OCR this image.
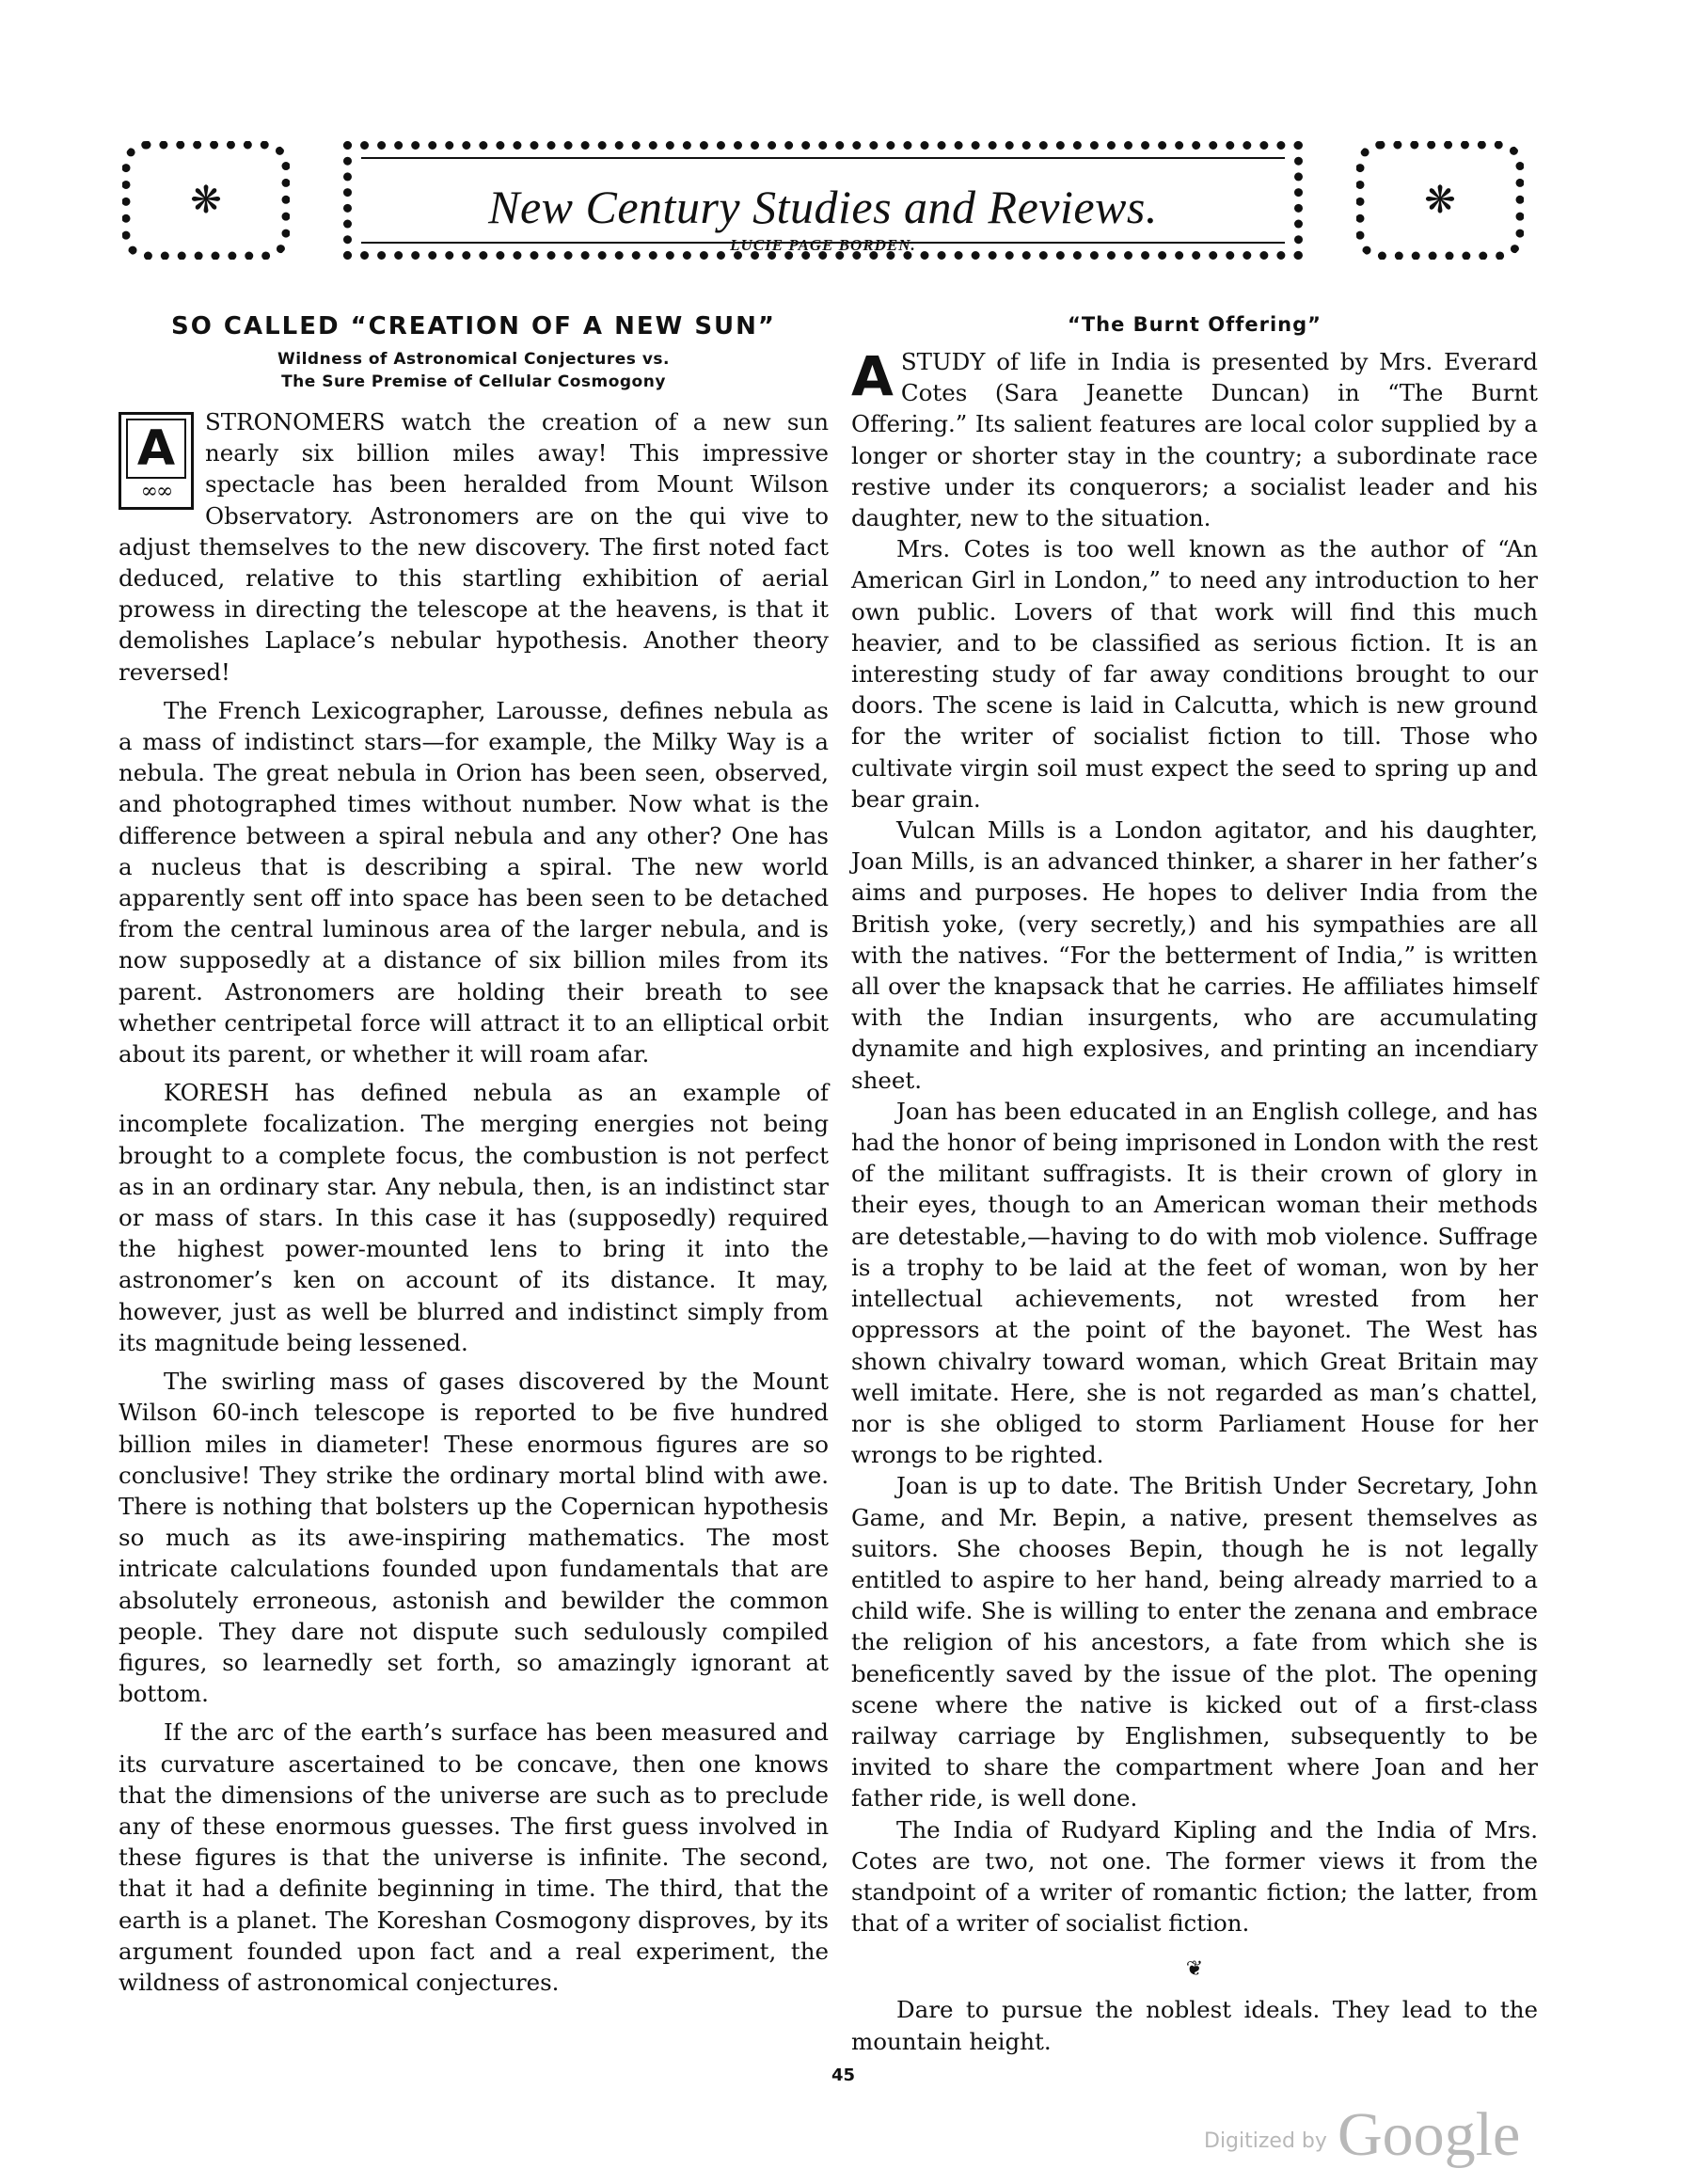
❋	New Century Studies and Reviews.
LUCIE PAGE BORDEN.
❋
SO CALLED “CREATION OF A NEW SUN”
Wildness of Astronomical Conjectures vs.
The Sure Premise of Cellular Cosmogony

A
∞∞
STRONOMERS watch the creation of a new sun nearly six billion miles away! This impressive spectacle has been heralded from Mount Wilson Observatory. Astronomers are on the qui vive to adjust themselves to the new discovery. The first noted fact deduced, relative to this startling exhibition of aerial prowess in directing the telescope at the heavens, is that it demolishes Laplace’s nebular hypothesis. Another theory reversed!

The French Lexicographer, Larousse, defines nebula as a mass of indistinct stars—for example, the Milky Way is a nebula. The great nebula in Orion has been seen, observed, and photographed times without number. Now what is the difference between a spiral nebula and any other? One has a nucleus that is describing a spiral. The new world apparently sent off into space has been seen to be detached from the central luminous area of the larger nebula, and is now supposedly at a distance of six billion miles from its parent. Astronomers are holding their breath to see whether centripetal force will attract it to an elliptical orbit about its parent, or whether it will roam afar.

KORESH has defined nebula as an example of incomplete focalization. The merging energies not being brought to a complete focus, the combustion is not perfect as in an ordinary star. Any nebula, then, is an indistinct star or mass of stars. In this case it has (supposedly) required the highest power-mounted lens to bring it into the astronomer’s ken on account of its distance. It may, however, just as well be blurred and indistinct simply from its magnitude being lessened.

The swirling mass of gases discovered by the Mount Wilson 60-inch telescope is reported to be five hundred billion miles in diameter! These enormous figures are so conclusive! They strike the ordinary mortal blind with awe. There is nothing that bolsters up the Copernican hypothesis so much as its awe-inspiring mathematics. The most intricate calculations founded upon fundamentals that are absolutely erroneous, astonish and bewilder the common people. They dare not dispute such sedulously compiled figures, so learnedly set forth, so amazingly ignorant at bottom.

If the arc of the earth’s surface has been measured and its curvature ascertained to be concave, then one knows that the dimensions of the universe are such as to preclude any of these enormous guesses. The first guess involved in these figures is that the universe is infinite. The second, that it had a definite beginning in time. The third, that the earth is a planet. The Koreshan Cosmogony disproves, by its argument founded upon fact and a real experiment, the wildness of astronomical conjectures.

“The Burnt Offering”

A STUDY of life in India is presented by Mrs. Everard Cotes (Sara Jeanette Duncan) in “The Burnt Offering.” Its salient features are local color supplied by a longer or shorter stay in the country; a subordinate race restive under its conquerors; a socialist leader and his daughter, new to the situation.

Mrs. Cotes is too well known as the author of “An American Girl in London,” to need any introduction to her own public. Lovers of that work will find this much heavier, and to be classified as serious fiction. It is an interesting study of far away conditions brought to our doors. The scene is laid in Calcutta, which is new ground for the writer of socialist fiction to till. Those who cultivate virgin soil must expect the seed to spring up and bear grain.

Vulcan Mills is a London agitator, and his daughter, Joan Mills, is an advanced thinker, a sharer in her father’s aims and purposes. He hopes to deliver India from the British yoke, (very secretly,) and his sympathies are all with the natives. “For the betterment of India,” is written all over the knapsack that he carries. He affiliates himself with the Indian insurgents, who are accumulating dynamite and high explosives, and printing an incendiary sheet.

Joan has been educated in an English college, and has had the honor of being imprisoned in London with the rest of the militant suffragists. It is their crown of glory in their eyes, though to an American woman their methods are detestable,—having to do with mob violence. Suffrage is a trophy to be laid at the feet of woman, won by her intellectual achievements, not wrested from her oppressors at the point of the bayonet. The West has shown chivalry toward woman, which Great Britain may well imitate. Here, she is not regarded as man’s chattel, nor is she obliged to storm Parliament House for her wrongs to be righted.

Joan is up to date. The British Under Secretary, John Game, and Mr. Bepin, a native, present themselves as suitors. She chooses Bepin, though he is not legally entitled to aspire to her hand, being already married to a child wife. She is willing to enter the zenana and embrace the religion of his ancestors, a fate from which she is beneficently saved by the issue of the plot. The opening scene where the native is kicked out of a first-class railway carriage by Englishmen, subsequently to be invited to share the compartment where Joan and her father ride, is well done.

The India of Rudyard Kipling and the India of Mrs. Cotes are two, not one. The former views it from the standpoint of a writer of romantic fiction; the latter, from that of a writer of socialist fiction.

❦

Dare to pursue the noblest ideals. They lead to the mountain height.

45
Digitized by Google
